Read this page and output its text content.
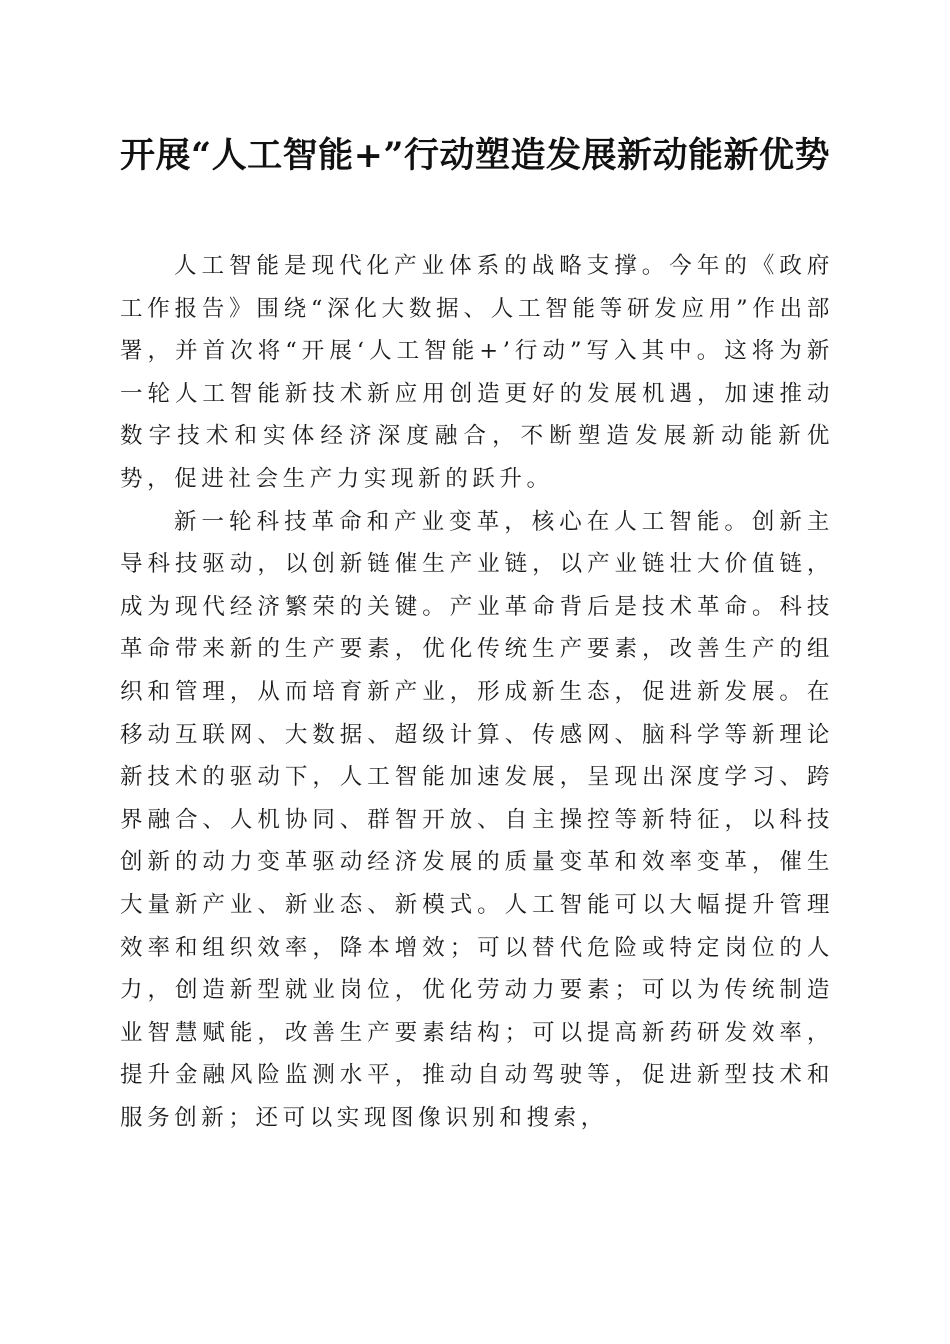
开展“人工智能+”行动塑造发展新动能新优势

人工智能是现代化产业体系的战略支撑。今年的《政府工作报告》围绕“深化大数据、人工智能等研发应用”作出部署，并首次将“开展‘人工智能+’行动”写入其中。这将为新一轮人工智能新技术新应用创造更好的发展机遇，加速推动数字技术和实体经济深度融合，不断塑造发展新动能新优势，促进社会生产力实现新的跃升。

新一轮科技革命和产业变革，核心在人工智能。创新主导科技驱动，以创新链催生产业链，以产业链壮大价值链，成为现代经济繁荣的关键。产业革命背后是技术革命。科技革命带来新的生产要素，优化传统生产要素，改善生产的组织和管理，从而培育新产业，形成新生态，促进新发展。在移动互联网、大数据、超级计算、传感网、脑科学等新理论新技术的驱动下，人工智能加速发展，呈现出深度学习、跨界融合、人机协同、群智开放、自主操控等新特征，以科技创新的动力变革驱动经济发展的质量变革和效率变革，催生大量新产业、新业态、新模式。人工智能可以大幅提升管理效率和组织效率，降本增效；可以替代危险或特定岗位的人力，创造新型就业岗位，优化劳动力要素；可以为传统制造业智慧赋能，改善生产要素结构；可以提高新药研发效率，提升金融风险监测水平，推动自动驾驶等，促进新型技术和服务创新；还可以实现图像识别和搜索，
